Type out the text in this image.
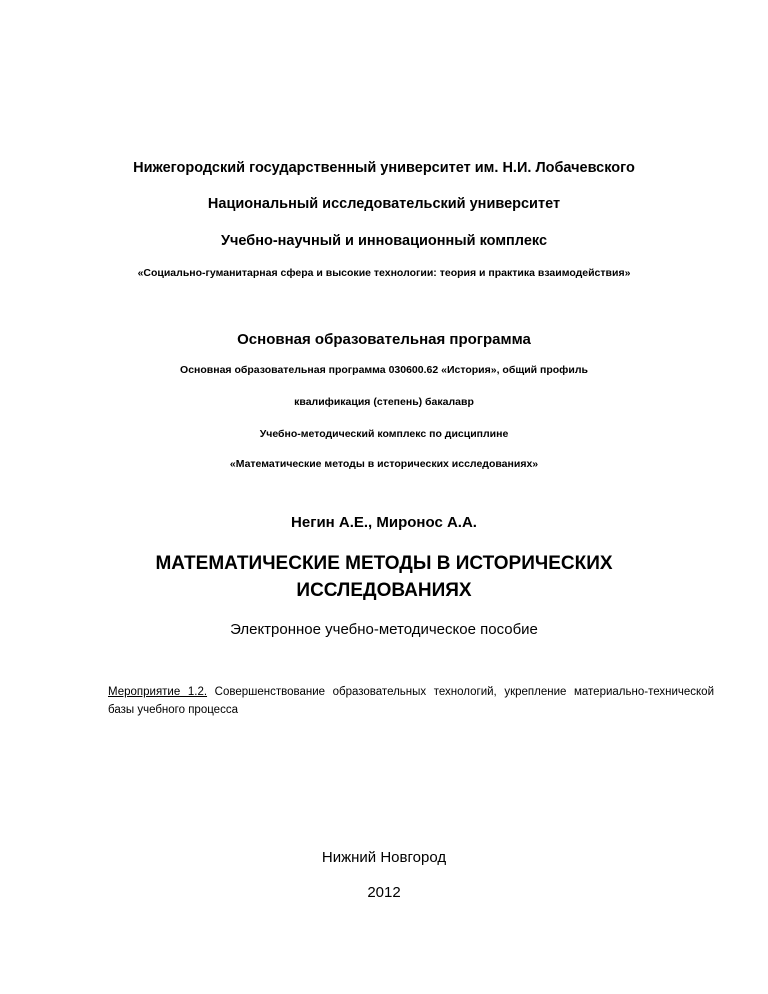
Нижегородский государственный университет им. Н.И. Лобачевского
Национальный исследовательский университет
Учебно-научный и инновационный комплекс
«Социально-гуманитарная сфера и высокие технологии: теория и практика взаимодействия»
Основная образовательная программа
Основная образовательная программа 030600.62 «История», общий профиль
квалификация (степень) бакалавр
Учебно-методический комплекс по дисциплине
«Математические методы в исторических исследованиях»
Негин А.Е., Миронос А.А.
МАТЕМАТИЧЕСКИЕ МЕТОДЫ В ИСТОРИЧЕСКИХ
ИССЛЕДОВАНИЯХ
Электронное учебно-методическое пособие
Мероприятие 1.2. Совершенствование образовательных технологий, укрепление материально-технической базы учебного процесса
Нижний Новгород
2012
